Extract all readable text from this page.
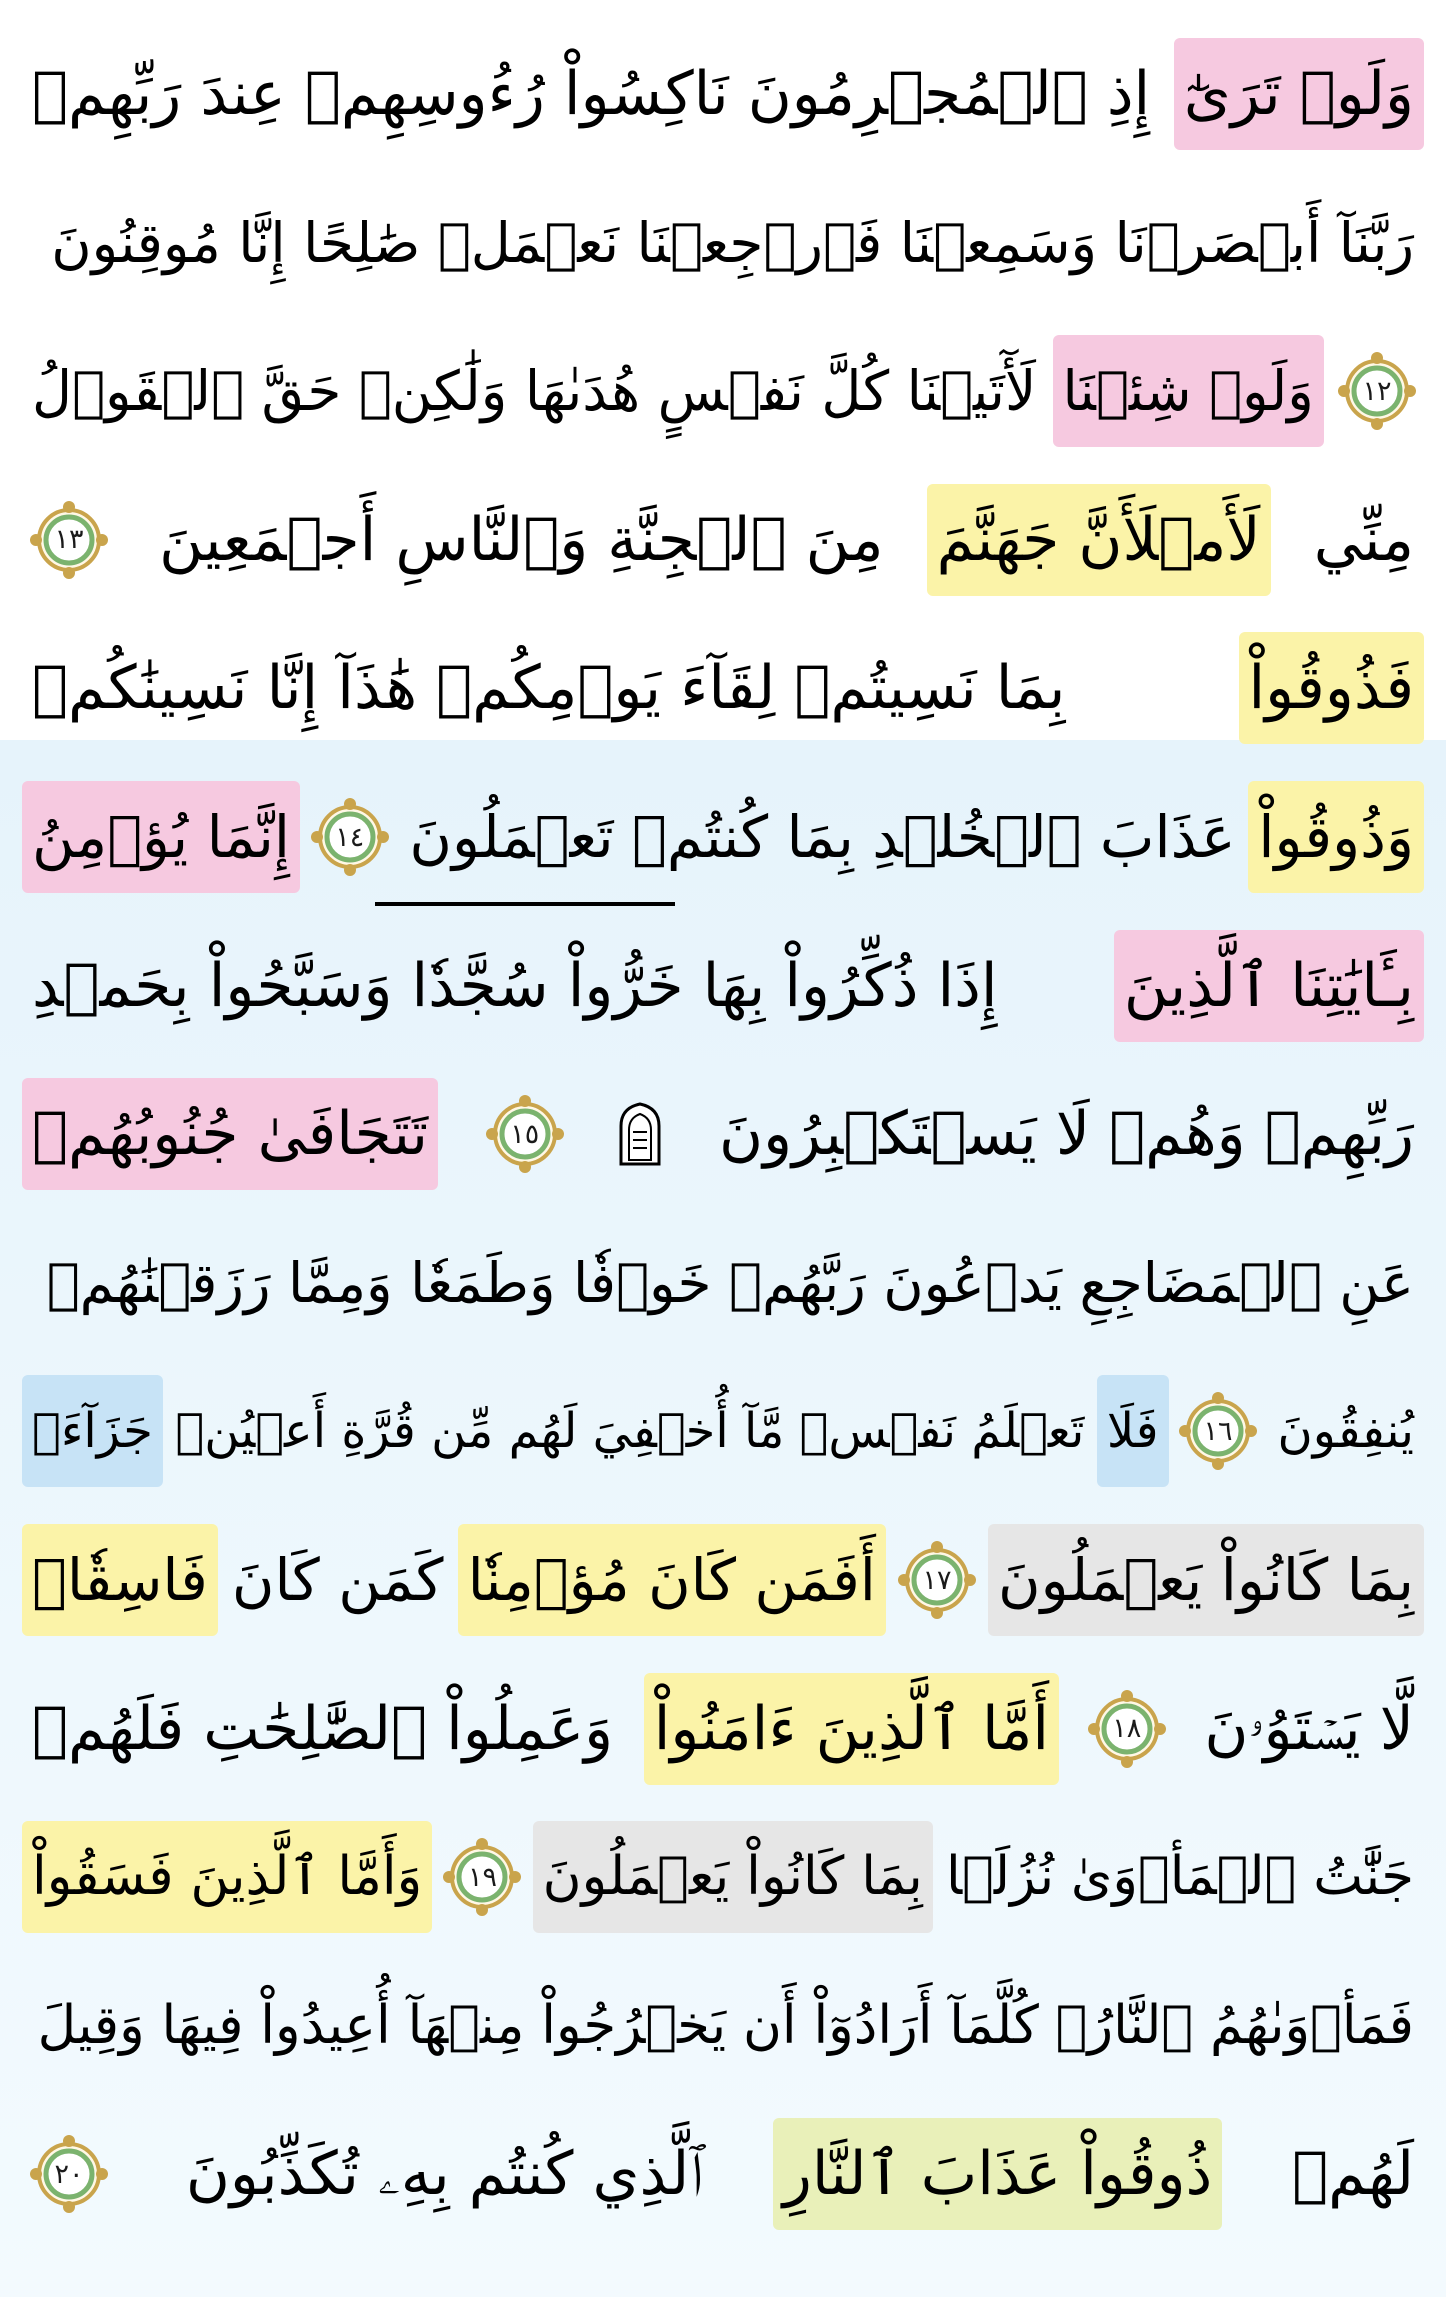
وَلَوۡ تَرَىٰٓ
إِذِ ٱلۡمُجۡرِمُونَ نَاكِسُواْ رُءُوسِهِمۡ عِندَ رَبِّهِمۡ
رَبَّنَآ أَبۡصَرۡنَا وَسَمِعۡنَا فَٱرۡجِعۡنَا نَعۡمَلۡ صَٰلِحًا إِنَّا مُوقِنُونَ
١٢
وَلَوۡ شِئۡنَا
لَأٓتَيۡنَا كُلَّ نَفۡسٍ هُدَىٰهَا وَلَٰكِنۡ حَقَّ ٱلۡقَوۡلُ
مِنِّي
لَأَمۡلَأَنَّ جَهَنَّمَ
مِنَ ٱلۡجِنَّةِ وَٱلنَّاسِ أَجۡمَعِينَ
١٣
فَذُوقُواْ
بِمَا نَسِيتُمۡ لِقَآءَ يَوۡمِكُمۡ هَٰذَآ إِنَّا نَسِينَٰكُمۡ
وَذُوقُواْ
عَذَابَ ٱلۡخُلۡدِ بِمَا كُنتُمۡ تَعۡمَلُونَ
١٤
إِنَّمَا يُؤۡمِنُ
بِـَٔايَٰتِنَا ٱلَّذِينَ
إِذَا ذُكِّرُواْ بِهَا خَرُّواْ سُجَّدٗا وَسَبَّحُواْ بِحَمۡدِ
رَبِّهِمۡ وَهُمۡ لَا يَسۡتَكۡبِرُونَ
١٥
تَتَجَافَىٰ جُنُوبُهُمۡ
عَنِ ٱلۡمَضَاجِعِ يَدۡعُونَ رَبَّهُمۡ خَوۡفٗا وَطَمَعٗا وَمِمَّا رَزَقۡنَٰهُمۡ
يُنفِقُونَ
١٦
فَلَا
تَعۡلَمُ نَفۡسٞ مَّآ أُخۡفِيَ لَهُم مِّن قُرَّةِ أَعۡيُنٖ
جَزَآءَۢ
بِمَا كَانُواْ يَعۡمَلُونَ
١٧
أَفَمَن كَانَ مُؤۡمِنٗا
كَمَن كَانَ
فَاسِقٗاۚ
لَّا يَسۡتَوُۥنَ
١٨
أَمَّا ٱلَّذِينَ ءَامَنُواْ
وَعَمِلُواْ ٱلصَّٰلِحَٰتِ فَلَهُمۡ
جَنَّٰتُ ٱلۡمَأۡوَىٰ نُزُلَۢا
بِمَا كَانُواْ يَعۡمَلُونَ
١٩
وَأَمَّا ٱلَّذِينَ فَسَقُواْ
فَمَأۡوَىٰهُمُ ٱلنَّارُۖ كُلَّمَآ أَرَادُوٓاْ أَن يَخۡرُجُواْ مِنۡهَآ أُعِيدُواْ فِيهَا وَقِيلَ
لَهُمۡ
ذُوقُواْ عَذَابَ ٱلنَّارِ
ٱلَّذِي كُنتُم بِهِۦ تُكَذِّبُونَ
٢٠
